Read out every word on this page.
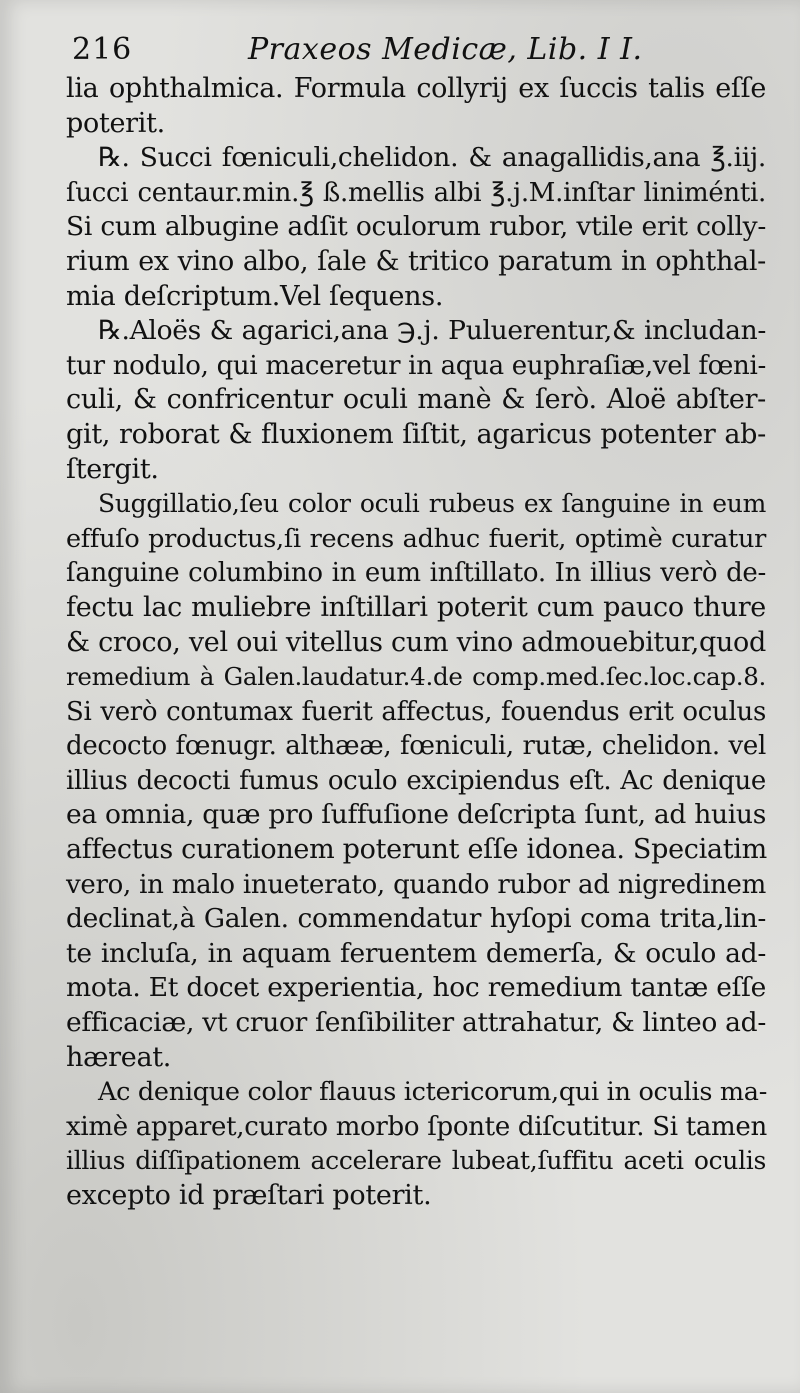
216	Praxeos Medicæ, Lib. I I.
lia ophthalmica. Formula collyrij ex ſuccis talis eſſe
poterit.
℞. Succi fœniculi,chelidon. & anagallidis,ana ℥.iij.
ſucci centaur.min.℥ ß.mellis albi ℥.j.M.inſtar liniménti.
Si cum albugine adſit oculorum rubor, vtile erit colly-
rium ex vino albo, ſale & tritico paratum in ophthal-
mia deſcriptum.Vel ſequens.
℞.Aloës & agarici,ana ℈.j. Puluerentur,& includan-
tur nodulo, qui maceretur in aqua euphraſiæ,vel fœni-
culi, & confricentur oculi manè & ſerò. Aloë abſter-
git, roborat & fluxionem ſiſtit, agaricus potenter ab-
ſtergit.
Suggillatio,ſeu color oculi rubeus ex ſanguine in eum
effuſo productus,ſi recens adhuc fuerit, optimè curatur
ſanguine columbino in eum inſtillato. In illius verò de-
fectu lac muliebre inſtillari poterit cum pauco thure
& croco, vel oui vitellus cum vino admouebitur,quod
remedium à Galen.laudatur.4.de comp.med.ſec.loc.cap.8.
Si verò contumax fuerit affectus, fouendus erit oculus
decocto fœnugr. althææ, fœniculi, rutæ, chelidon. vel
illius decocti fumus oculo excipiendus eſt. Ac denique
ea omnia, quæ pro ſuffuſione deſcripta ſunt, ad huius
affectus curationem poterunt eſſe idonea. Speciatim
vero, in malo inueterato, quando rubor ad nigredinem
declinat,à Galen. commendatur hyſopi coma trita,lin-
te incluſa, in aquam feruentem demerſa, & oculo ad-
mota. Et docet experientia, hoc remedium tantæ eſſe
efficaciæ, vt cruor ſenſibiliter attrahatur, & linteo ad-
hæreat.
Ac denique color flauus ictericorum,qui in oculis ma-
ximè apparet,curato morbo ſponte diſcutitur. Si tamen
illius diſſipationem accelerare lubeat,ſuffitu aceti oculis
excepto id præſtari poterit.
